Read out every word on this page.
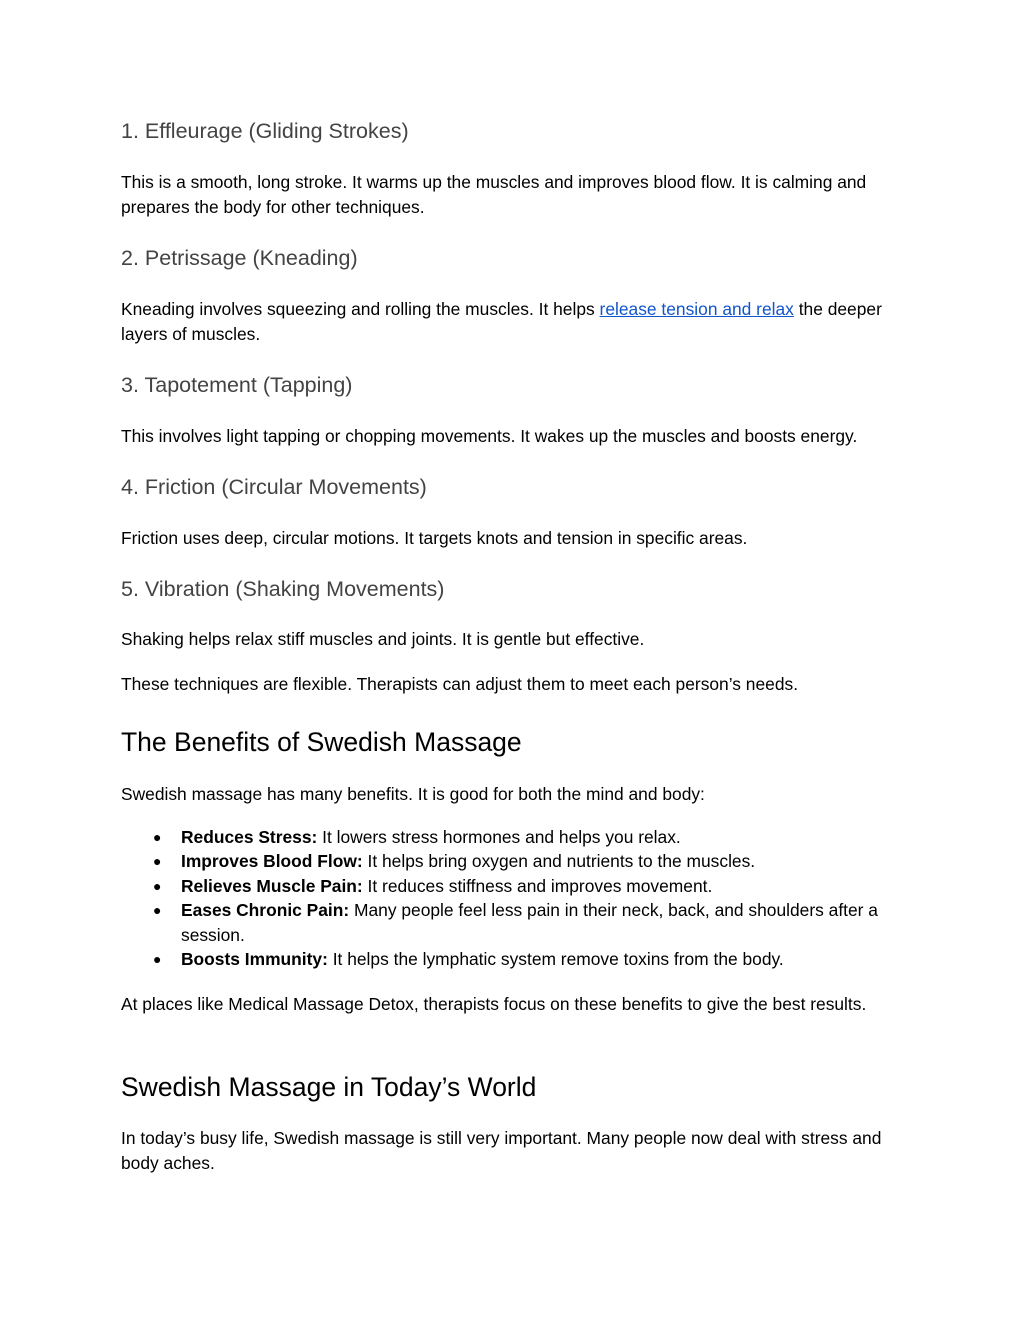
1. Effleurage (Gliding Strokes)

This is a smooth, long stroke. It warms up the muscles and improves blood flow. It is calming and prepares the body for other techniques.

2. Petrissage (Kneading)

Kneading involves squeezing and rolling the muscles. It helps release tension and relax the deeper layers of muscles.

3. Tapotement (Tapping)

This involves light tapping or chopping movements. It wakes up the muscles and boosts energy.

4. Friction (Circular Movements)

Friction uses deep, circular motions. It targets knots and tension in specific areas.

5. Vibration (Shaking Movements)

Shaking helps relax stiff muscles and joints. It is gentle but effective.

These techniques are flexible. Therapists can adjust them to meet each person’s needs.

The Benefits of Swedish Massage

Swedish massage has many benefits. It is good for both the mind and body:

● Reduces Stress: It lowers stress hormones and helps you relax.
● Improves Blood Flow: It helps bring oxygen and nutrients to the muscles.
● Relieves Muscle Pain: It reduces stiffness and improves movement.
● Eases Chronic Pain: Many people feel less pain in their neck, back, and shoulders after a session.
● Boosts Immunity: It helps the lymphatic system remove toxins from the body.

At places like Medical Massage Detox, therapists focus on these benefits to give the best results.

Swedish Massage in Today’s World

In today’s busy life, Swedish massage is still very important. Many people now deal with stress and body aches.
